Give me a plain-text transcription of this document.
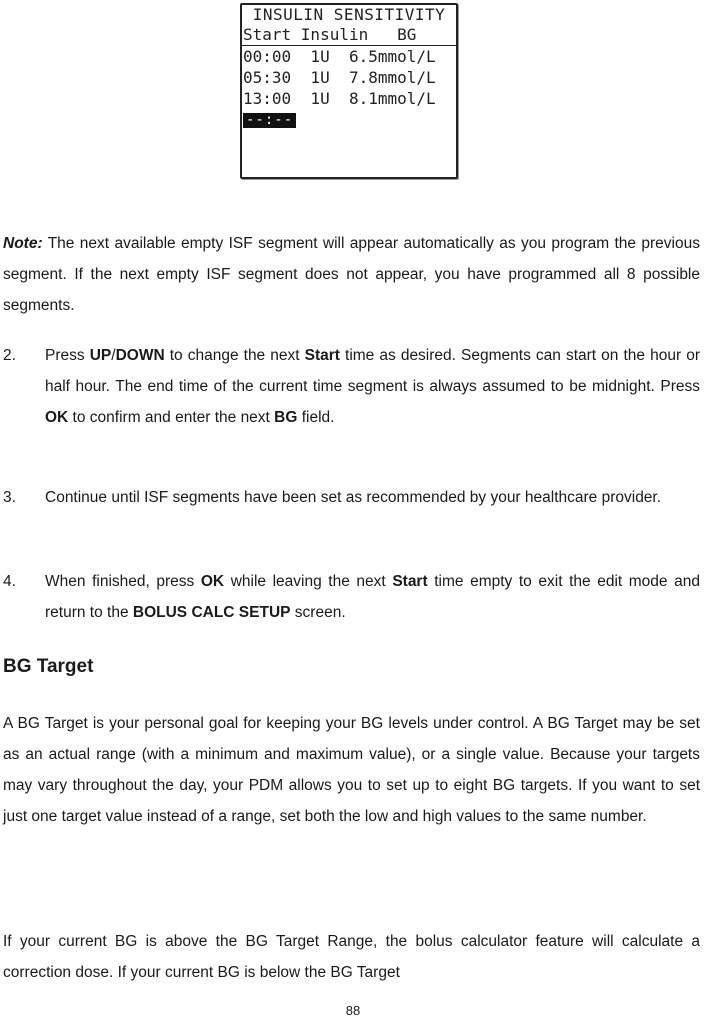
INSULIN SENSITIVITY
Start Insulin   BG
00:00  1U  6.5mmol/L
05:30  1U  7.8mmol/L
13:00  1U  8.1mmol/L
--:--

Note: The next available empty ISF segment will appear automatically as you program the previous segment. If the next empty ISF segment does not appear, you have programmed all 8 possible segments.

2. Press UP/DOWN to change the next Start time as desired. Segments can start on the hour or half hour. The end time of the current time segment is always assumed to be midnight. Press OK to confirm and enter the next BG field.
3. Continue until ISF segments have been set as recommended by your healthcare provider.
4. When finished, press OK while leaving the next Start time empty to exit the edit mode and return to the BOLUS CALC SETUP screen.
BG Target

A BG Target is your personal goal for keeping your BG levels under control. A BG Target may be set as an actual range (with a minimum and maximum value), or a single value. Because your targets may vary throughout the day, your PDM allows you to set up to eight BG targets. If you want to set just one target value instead of a range, set both the low and high values to the same number.

If your current BG is above the BG Target Range, the bolus calculator feature will calculate a correction dose. If your current BG is below the BG Target

88
